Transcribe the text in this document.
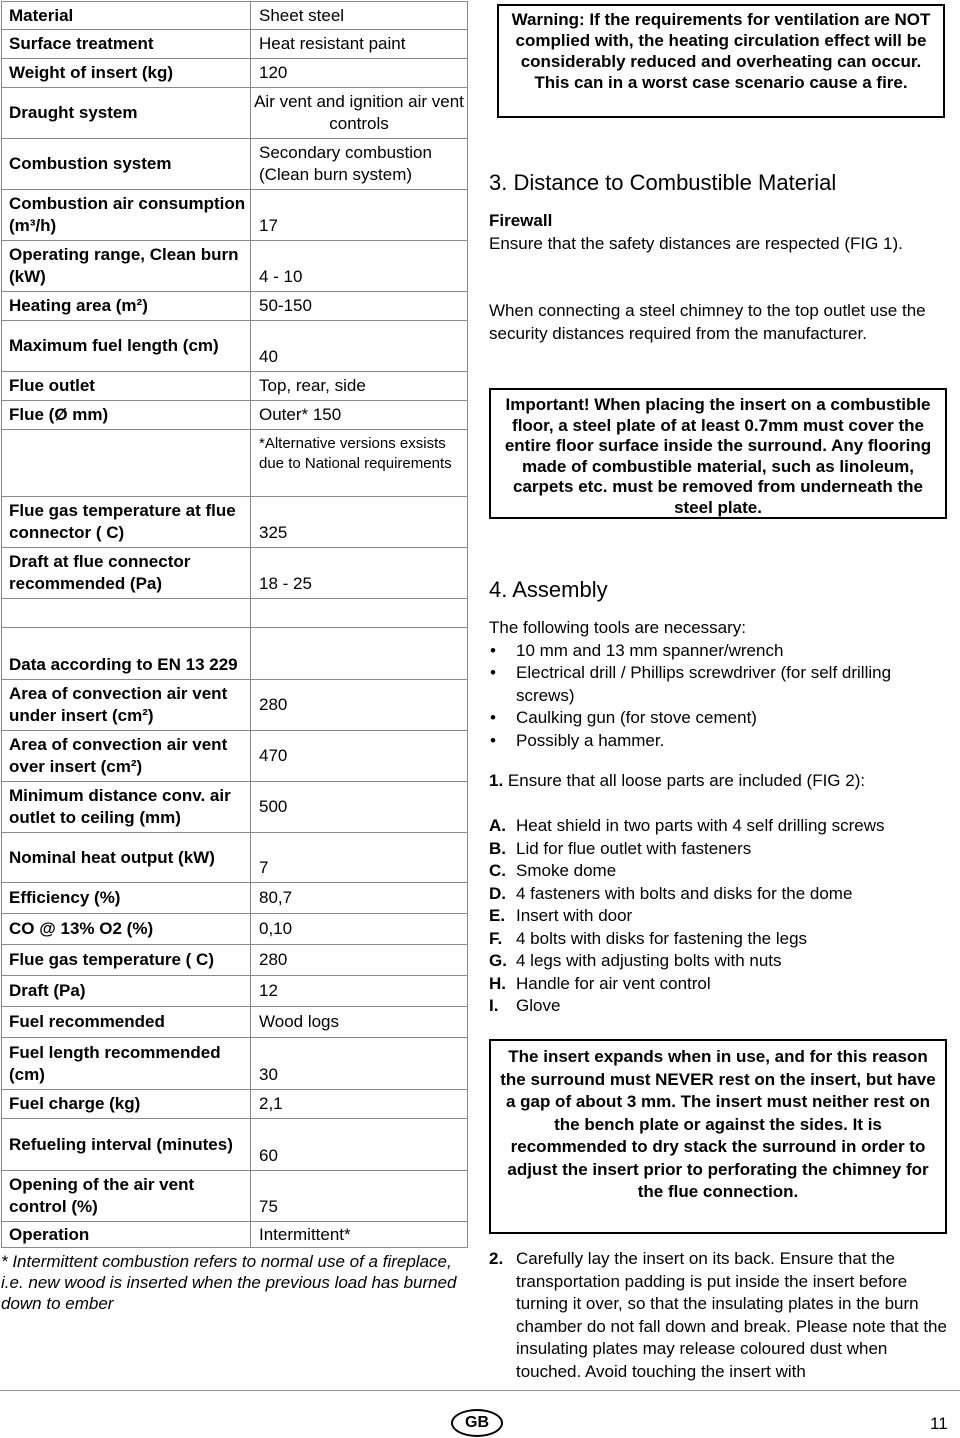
Material	Sheet steel
Surface treatment	Heat resistant paint
Weight of insert (kg)	120
Draught system	Air vent and ignition air vent controls
Combustion system	Secondary combustion (Clean burn system)
Combustion air consumption (m³/h)	17
Operating range, Clean burn (kW)	4 - 10
Heating area (m²)	50-150
Maximum fuel length (cm)	40
Flue outlet	Top, rear, side
Flue (Ø mm)	Outer* 150
	*Alternative versions exsists due to National requirements
Flue gas temperature at flue connector ( C)	325
Draft at flue connector recommended (Pa)	18 - 25

Data according to EN 13 229	
Area of convection air vent under insert (cm²)	280
Area of convection air vent over insert (cm²)	470
Minimum distance conv. air outlet to ceiling (mm)	500
Nominal heat output (kW)	7
Efficiency (%)	80,7
CO @ 13% O2 (%)	0,10
Flue gas temperature ( C)	280
Draft (Pa)	12
Fuel recommended	Wood logs
Fuel length recommended (cm)	30
Fuel charge (kg)	2,1
Refueling interval (minutes)	60
Opening of the air vent control (%)	75
Operation	Intermittent*
* Intermittent combustion refers to normal use of a fireplace, i.e. new wood is inserted when the previous load has burned down to ember
Warning: If the requirements for ventilation are NOT complied with, the heating circulation effect will be considerably reduced and overheating can occur. This can in a worst case scenario cause a fire.
3. Distance to Combustible Material
Firewall
Ensure that the safety distances are respected (FIG 1).
When connecting a steel chimney to the top outlet use the security distances required from the manufacturer.
Important! When placing the insert on a combustible floor, a steel plate of at least 0.7mm must cover the entire floor surface inside the surround. Any flooring made of combustible material, such as linoleum, carpets etc. must be removed from underneath the steel plate.
4. Assembly
The following tools are necessary:
• 10 mm and 13 mm spanner/wrench
• Electrical drill / Phillips screwdriver (for self drilling screws)
• Caulking gun (for stove cement)
• Possibly a hammer.
1. Ensure that all loose parts are included (FIG 2):
A. Heat shield in two parts with 4 self drilling screws
B. Lid for flue outlet with fasteners
C. Smoke dome
D. 4 fasteners with bolts and disks for the dome
E. Insert with door
F. 4 bolts with disks for fastening the legs
G. 4 legs with adjusting bolts with nuts
H. Handle for air vent control
I. Glove
The insert expands when in use, and for this reason the surround must NEVER rest on the insert, but have a gap of about 3 mm. The insert must neither rest on the bench plate or against the sides. It is recommended to dry stack the surround in order to adjust the insert prior to perforating the chimney for the flue connection.
2. Carefully lay the insert on its back. Ensure that the transportation padding is put inside the insert before turning it over, so that the insulating plates in the burn chamber do not fall down and break. Please note that the insulating plates may release coloured dust when touched. Avoid touching the insert with
GB	11
